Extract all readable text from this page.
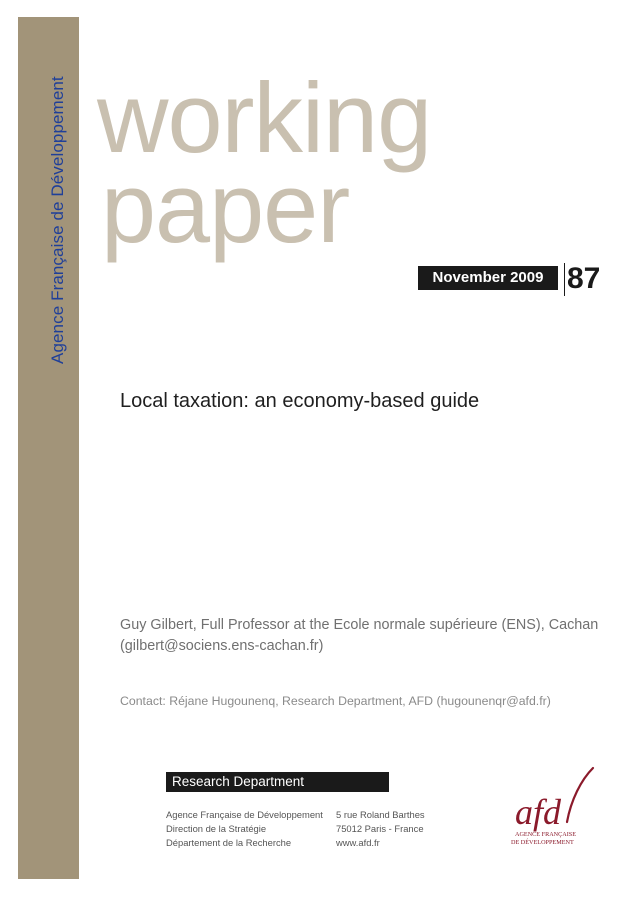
Agence Française de Développement working
paper
November 2009 87
Local taxation: an economy-based guide
Guy Gilbert, Full Professor at the Ecole normale supérieure (ENS), Cachan
(gilbert@sociens.ens-cachan.fr)
Contact: Réjane Hugounenq, Research Department, AFD (hugounenqr@afd.fr)
Research Department
Agence Française de Développement
Direction de la Stratégie
Département de la Recherche
5 rue Roland Barthes
75012 Paris - France
www.afd.fr
afd
AGENCE FRANÇAISE
DE DÉVELOPPEMENT
